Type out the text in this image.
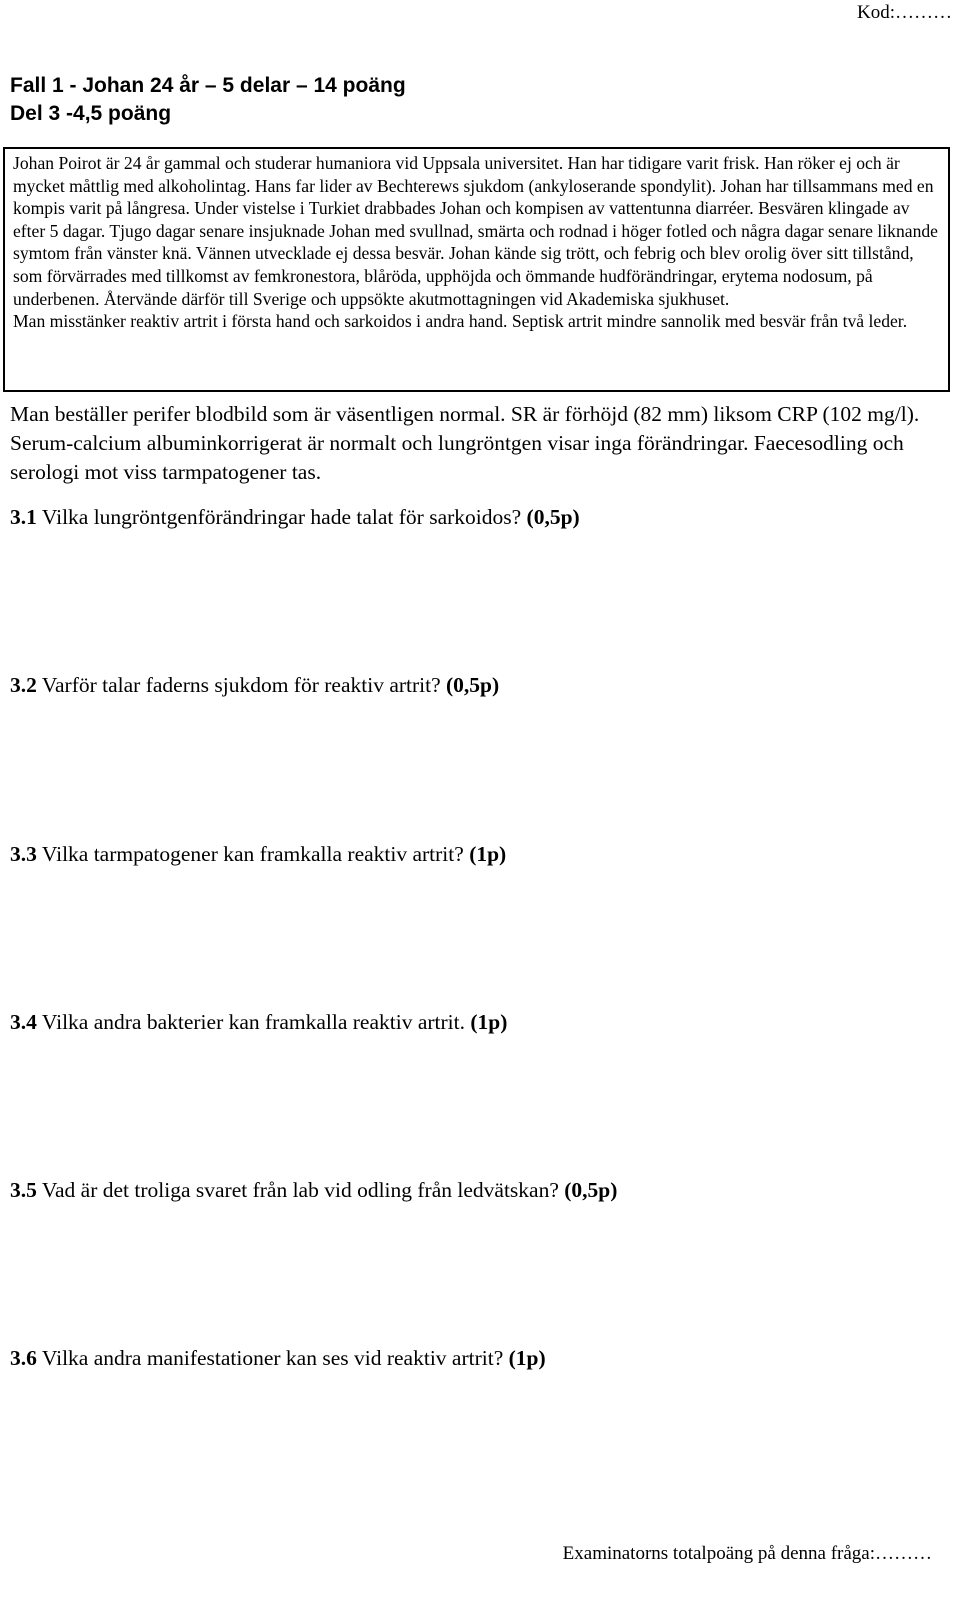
Kod:………
Fall 1 - Johan 24 år – 5 delar – 14 poäng
Del 3 -4,5 poäng

Johan Poirot är 24 år gammal och studerar humaniora vid Uppsala universitet. Han har tidigare varit frisk. Han röker ej och är mycket måttlig med alkoholintag. Hans far lider av Bechterews sjukdom (ankyloserande spondylit). Johan har tillsammans med en kompis varit på långresa. Under vistelse i Turkiet drabbades Johan och kompisen av vattentunna diarréer. Besvären klingade av efter 5 dagar. Tjugo dagar senare insjuknade Johan med svullnad, smärta och rodnad i höger fotled och några dagar senare liknande symtom från vänster knä. Vännen utvecklade ej dessa besvär. Johan kände sig trött, och febrig och blev orolig över sitt tillstånd, som förvärrades med tillkomst av femkronestora, blåröda, upphöjda och ömmande hudförändringar, erytema nodosum, på underbenen. Återvände därför till Sverige och uppsökte akutmottagningen vid Akademiska sjukhuset.

Man misstänker reaktiv artrit i första hand och sarkoidos i andra hand. Septisk artrit mindre sannolik med besvär från två leder.

Man beställer perifer blodbild som är väsentligen normal. SR är förhöjd (82 mm) liksom CRP (102 mg/l). Serum-calcium albuminkorrigerat är normalt och lungröntgen visar inga förändringar. Faecesodling och serologi mot viss tarmpatogener tas.

3.1 Vilka lungröntgenförändringar hade talat för sarkoidos? (0,5p)

3.2 Varför talar faderns sjukdom för reaktiv artrit? (0,5p)

3.3 Vilka tarmpatogener kan framkalla reaktiv artrit? (1p)

3.4 Vilka andra bakterier kan framkalla reaktiv artrit. (1p)

3.5 Vad är det troliga svaret från lab vid odling från ledvätskan? (0,5p)

3.6 Vilka andra manifestationer kan ses vid reaktiv artrit? (1p)

Examinatorns totalpoäng på denna fråga:………
